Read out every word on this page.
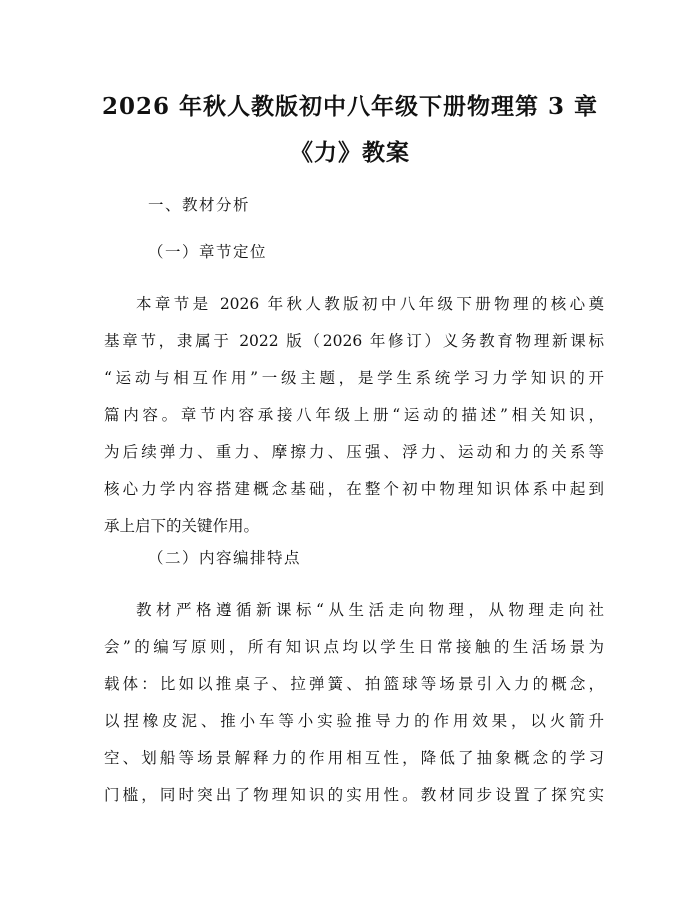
2026 年秋人教版初中八年级下册物理第 3 章
《力》教案
一、教材分析
（一）章节定位
本章节是 2026 年秋人教版初中八年级下册物理的核心奠
基章节，隶属于 2022 版（2026 年修订）义务教育物理新课标
“运动与相互作用”一级主题，是学生系统学习力学知识的开
篇内容。章节内容承接八年级上册“运动的描述”相关知识，
为后续弹力、重力、摩擦力、压强、浮力、运动和力的关系等
核心力学内容搭建概念基础，在整个初中物理知识体系中起到
承上启下的关键作用。
（二）内容编排特点
教材严格遵循新课标“从生活走向物理，从物理走向社
会”的编写原则，所有知识点均以学生日常接触的生活场景为
载体：比如以推桌子、拉弹簧、拍篮球等场景引入力的概念，
以捏橡皮泥、推小车等小实验推导力的作用效果，以火箭升
空、划船等场景解释力的作用相互性，降低了抽象概念的学习
门槛，同时突出了物理知识的实用性。教材同步设置了探究实
